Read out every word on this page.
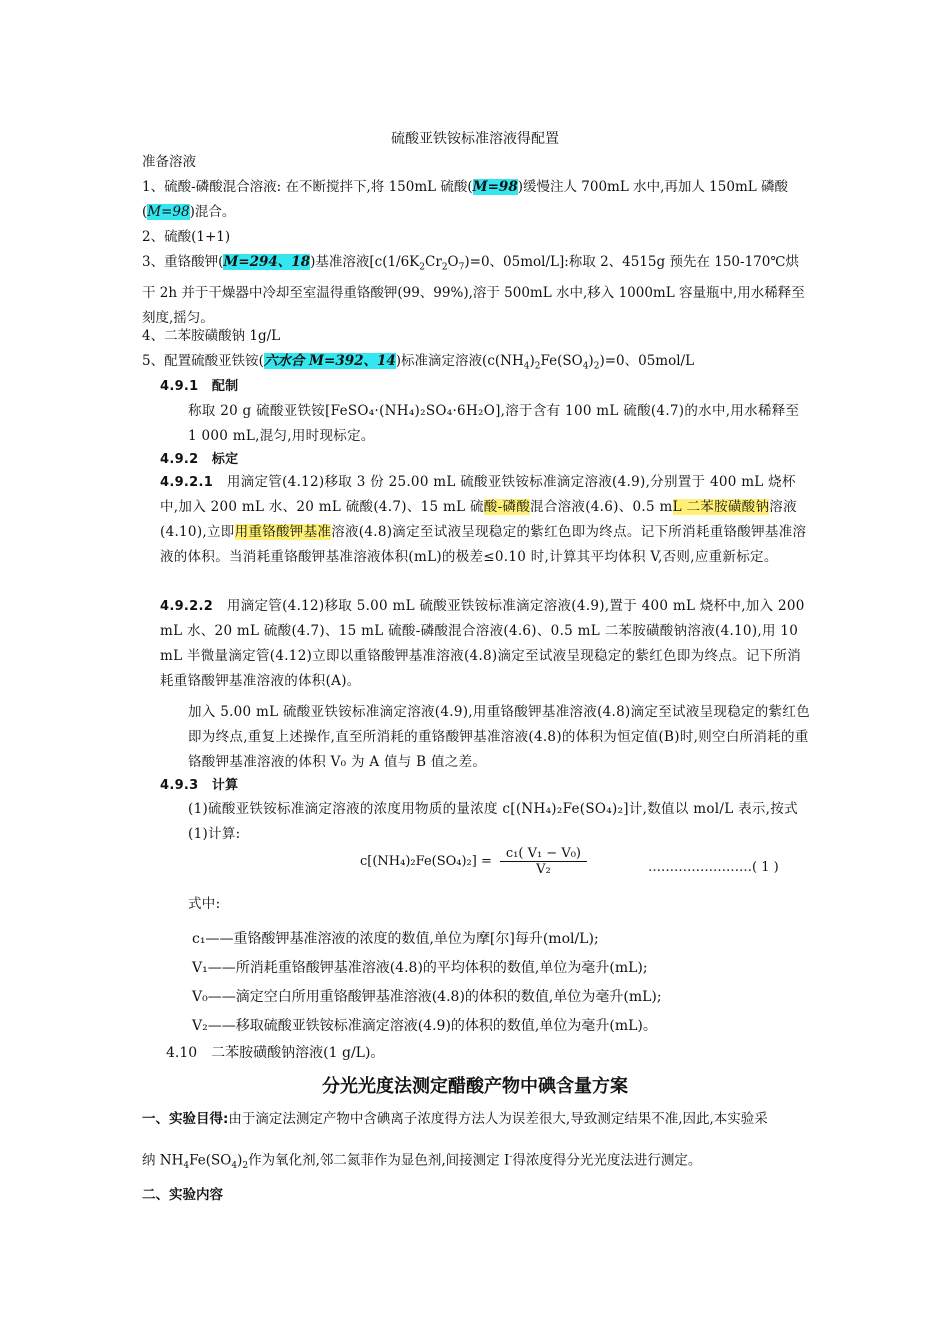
硫酸亚铁铵标准溶液得配置
准备溶液
1、硫酸-磷酸混合溶液: 在不断搅拌下,将 150mL 硫酸(M=98)缓慢注人 700mL 水中,再加人 150mL 磷酸
(M=98)混合。
2、硫酸(1+1)
3、重铬酸钾(M=294、18)基准溶液[$c(1/6K_2Cr_2O_7)=0$、05mol/L]:称取 2、4515g 预先在 150-170℃烘干 2h 并于干燥器中冷却至室温得重铬酸钾(99、99%),溶于 500mL 水中,移入 1000mL 容量瓶中,用水稀释至刻度,摇匀。
4、二苯胺磺酸钠 1g/L
5、配置硫酸亚铁铵(六水合 M=392、14)标准滴定溶液$(c(NH_4)_2Fe(SO_4)_2)=0$、05mol/L
4.9.1　配制
称取 20 g 硫酸亚铁铵[FeSO₄·(NH₄)₂SO₄·6H₂O],溶于含有 100 mL 硫酸(4.7)的水中,用水稀释至 1 000 mL,混匀,用时现标定。
4.9.2　标定
4.9.2.1　用滴定管(4.12)移取 3 份 25.00 mL 硫酸亚铁铵标准滴定溶液(4.9),分别置于 400 mL 烧杯中,加入 200 mL 水、20 mL 硫酸(4.7)、15 mL 硫酸-磷酸混合溶液(4.6)、0.5 mL 二苯胺磺酸钠溶液(4.10),立即用重铬酸钾基准溶液(4.8)滴定至试液呈现稳定的紫红色即为终点。记下所消耗重铬酸钾基准溶液的体积。当消耗重铬酸钾基准溶液体积(mL)的极差≤0.10 时,计算其平均体积 V,否则,应重新标定。
4.9.2.2　用滴定管(4.12)移取 5.00 mL 硫酸亚铁铵标准滴定溶液(4.9),置于 400 mL 烧杯中,加入 200 mL 水、20 mL 硫酸(4.7)、15 mL 硫酸-磷酸混合溶液(4.6)、0.5 mL 二苯胺磺酸钠溶液(4.10),用 10 mL 半微量滴定管(4.12)立即以重铬酸钾基准溶液(4.8)滴定至试液呈现稳定的紫红色即为终点。记下所消耗重铬酸钾基准溶液的体积(A)。
加入 5.00 mL 硫酸亚铁铵标准滴定溶液(4.9),用重铬酸钾基准溶液(4.8)滴定至试液呈现稳定的紫红色即为终点,重复上述操作,直至所消耗的重铬酸钾基准溶液(4.8)的体积为恒定值(B)时,则空白所消耗的重铬酸钾基准溶液的体积 V₀ 为 A 值与 B 值之差。
4.9.3　计算
(1)硫酸亚铁铵标准滴定溶液的浓度用物质的量浓度 c[(NH₄)₂Fe(SO₄)₂]计,数值以 mol/L 表示,按式(1)计算:
$c[(NH_4)_2Fe(SO_4)_2] = \frac{\text{c₁( V₁ − V₀)}}{\text{V₂}}$	……………………( 1 )
式中:
c₁——重铬酸钾基准溶液的浓度的数值,单位为摩[尔]每升(mol/L);
V₁——所消耗重铬酸钾基准溶液(4.8)的平均体积的数值,单位为毫升(mL);
V₀——滴定空白所用重铬酸钾基准溶液(4.8)的体积的数值,单位为毫升(mL);
V₂——移取硫酸亚铁铵标准滴定溶液(4.9)的体积的数值,单位为毫升(mL)。
4.10　二苯胺磺酸钠溶液(1 g/L)。
分光光度法测定醋酸产物中碘含量方案
一、实验目得:由于滴定法测定产物中含碘离子浓度得方法人为误差很大,导致测定结果不准,因此,本实验采
纳 $NH_4Fe(SO_4)_2$作为氧化剂,邻二氮菲作为显色剂,间接测定 I-得浓度得分光光度法进行测定。
二、实验内容
